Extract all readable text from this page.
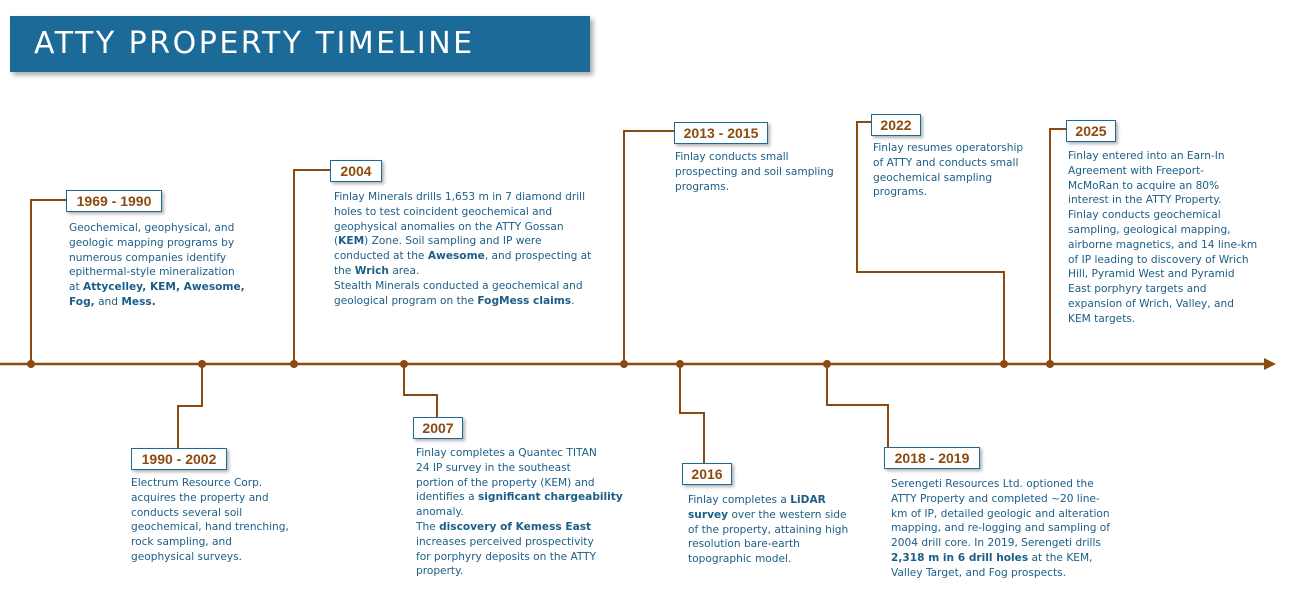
ATTY PROPERTY TIMELINE
1969 - 1990
Geochemical, geophysical, and
geologic mapping programs by
numerous companies identify
epithermal-style mineralization
at Attycelley, KEM, Awesome,
Fog, and Mess.
1990 - 2002
Electrum Resource Corp.
acquires the property and
conducts several soil
geochemical, hand trenching,
rock sampling, and
geophysical surveys.
2004
Finlay Minerals drills 1,653 m in 7 diamond drill
holes to test coincident geochemical and
geophysical anomalies on the ATTY Gossan
(KEM) Zone. Soil sampling and IP were
conducted at the Awesome, and prospecting at
the Wrich area.
Stealth Minerals conducted a geochemical and
geological program on the FogMess claims.
2007
Finlay completes a Quantec TITAN
24 IP survey in the southeast
portion of the property (KEM) and
identifies a significant chargeability
anomaly.
The discovery of Kemess East
increases perceived prospectivity
for porphyry deposits on the ATTY
property.
2013 - 2015
Finlay conducts small
prospecting and soil sampling
programs.
2016
Finlay completes a LiDAR
survey over the western side
of the property, attaining high
resolution bare-earth
topographic model.
2018 - 2019
Serengeti Resources Ltd. optioned the
ATTY Property and completed ~20 line-
km of IP, detailed geologic and alteration
mapping, and re-logging and sampling of
2004 drill core. In 2019, Serengeti drills
2,318 m in 6 drill holes at the KEM,
Valley Target, and Fog prospects.
2022
Finlay resumes operatorship
of ATTY and conducts small
geochemical sampling
programs.
2025
Finlay entered into an Earn-In
Agreement with Freeport-
McMoRan to acquire an 80%
interest in the ATTY Property.
Finlay conducts geochemical
sampling, geological mapping,
airborne magnetics, and 14 line-km
of IP leading to discovery of Wrich
Hill, Pyramid West and Pyramid
East porphyry targets and
expansion of Wrich, Valley, and
KEM targets.
